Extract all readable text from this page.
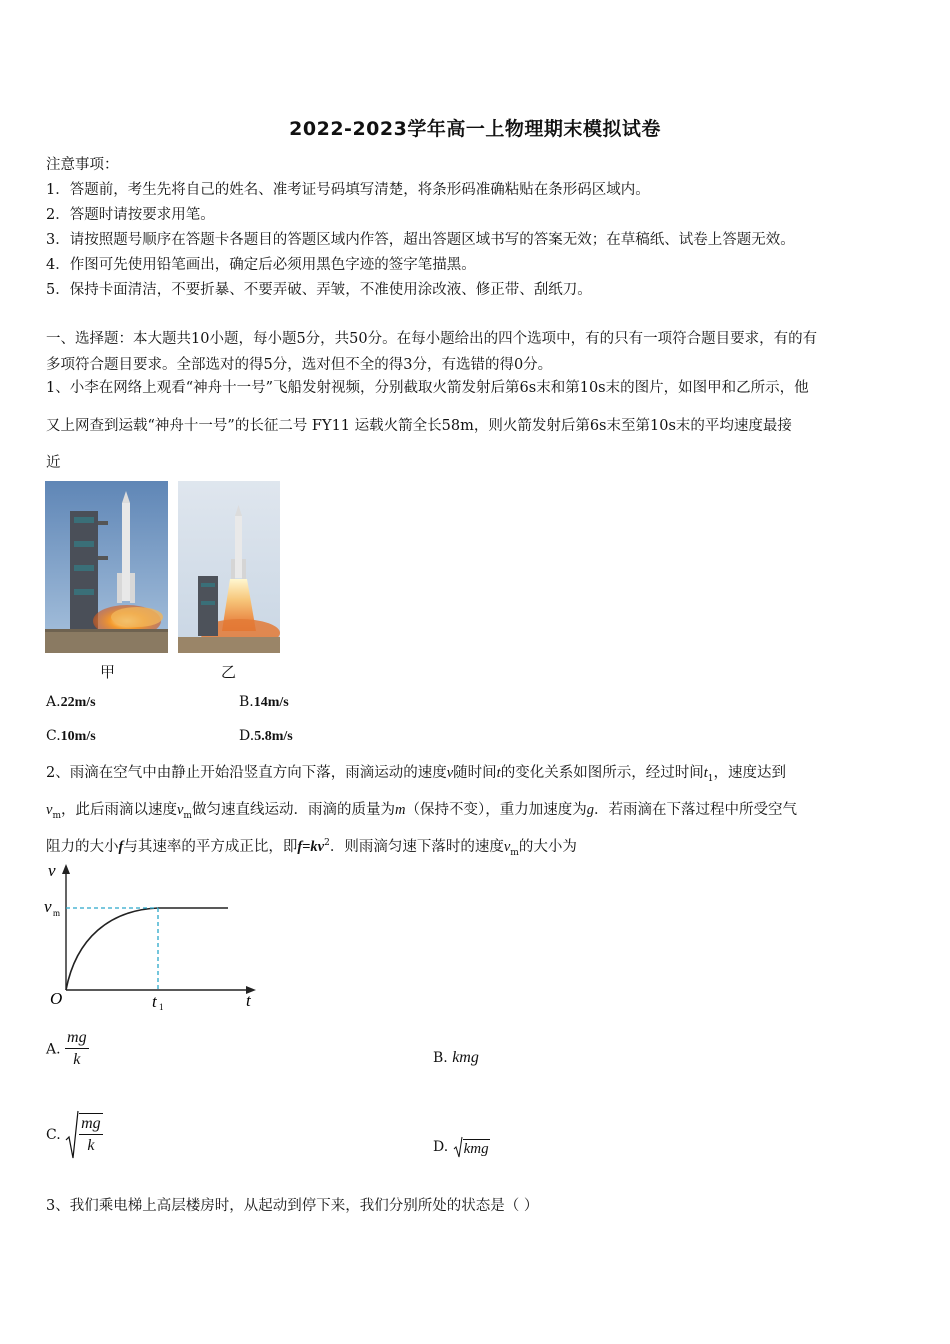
2022-2023学年高一上物理期末模拟试卷
注意事项：
1．答题前，考生先将自己的姓名、准考证号码填写清楚，将条形码准确粘贴在条形码区域内。
2．答题时请按要求用笔。
3．请按照题号顺序在答题卡各题目的答题区域内作答，超出答题区域书写的答案无效；在草稿纸、试卷上答题无效。
4．作图可先使用铅笔画出，确定后必须用黑色字迹的签字笔描黑。
5．保持卡面清洁，不要折暴、不要弄破、弄皱，不准使用涂改液、修正带、刮纸刀。
一、选择题：本大题共10小题，每小题5分，共50分。在每小题给出的四个选项中，有的只有一项符合题目要求，有的有
多项符合题目要求。全部选对的得5分，选对但不全的得3分，有选错的得0分。
1、小李在网络上观看“神舟十一号”飞船发射视频，分别截取火箭发射后第6s末和第10s末的图片，如图甲和乙所示，他
又上网查到运载“神舟十一号”的长征二号 FY11 运载火箭全长58m，则火箭发射后第6s末至第10s末的平均速度最接
近
甲	乙
A.22m/s	B.14m/s
C.10m/s	D.5.8m/s
2、雨滴在空气中由静止开始沿竖直方向下落，雨滴运动的速度v随时间t的变化关系如图所示，经过时间$t_1$，速度达到
$v_m$，此后雨滴以速度$v_m$做匀速直线运动．雨滴的质量为m（保持不变），重力加速度为g．若雨滴在下落过程中所受空气
阻力的大小f与其速率的平方成正比，即$f=kv^2$．则雨滴匀速下落时的速度$v_m$的大小为
v
t
O
v m
t 1
A. $\frac{mg}{k}$	B. kmg
C. $\frac{mg}{k}$	D. kmg
3、我们乘电梯上高层楼房时，从起动到停下来，我们分别所处的状态是（ ）
